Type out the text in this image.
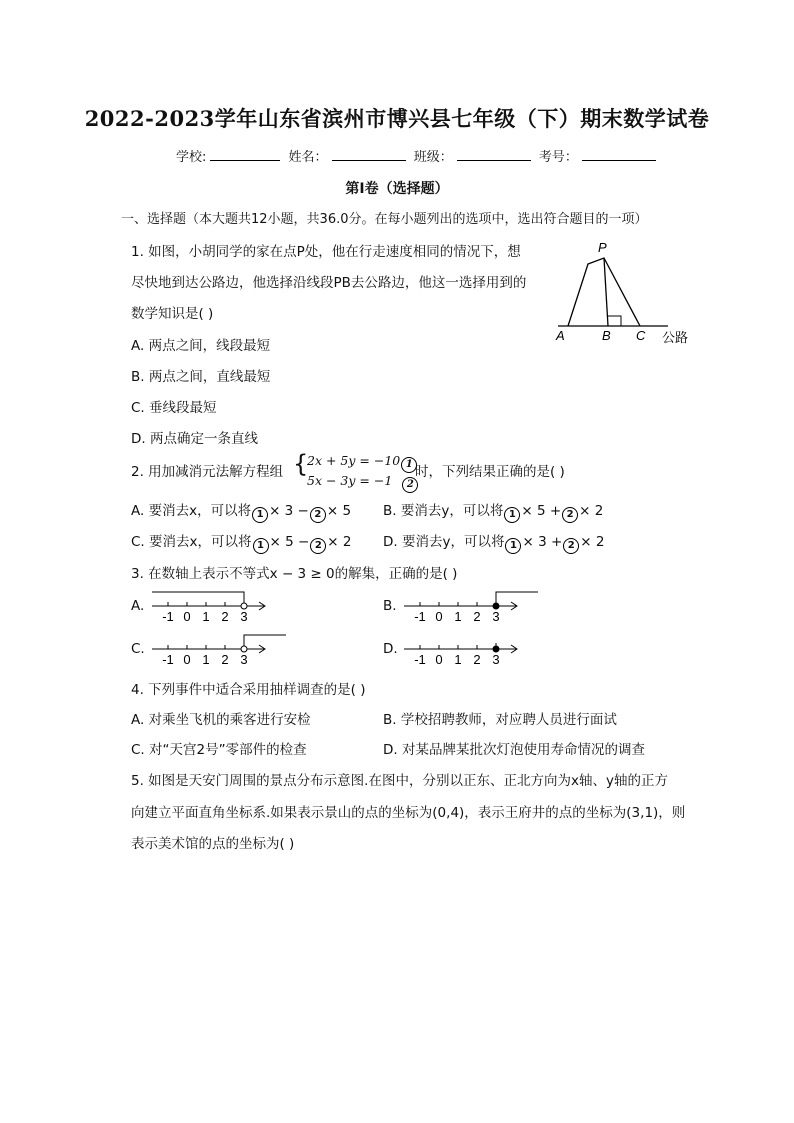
2022-2023学年山东省滨州市博兴县七年级（下）期末数学试卷
学校:	姓名：	班级：	考号：
第I卷（选择题）
一、选择题（本大题共12小题，共36.0分。在每小题列出的选项中，选出符合题目的一项）
1. 如图，小胡同学的家在点P处，他在行走速度相同的情况下，想
尽快地到达公路边，他选择沿线段PB去公路边，他这一选择用到的
数学知识是( )
A. 两点之间，线段最短
B. 两点之间，直线最短
C. 垂线段最短
D. 两点确定一条直线
P
A	B C 公路
2. 用加减消元法解方程组 {
2x + 5y = −10 1
5x − 3y = −1 2
时，下列结果正确的是( )
A. 要消去x，可以将 1 × 3 − 2 × 5 B. 要消去y，可以将 1 × 5 + 2 × 2
C. 要消去x，可以将 1 × 5 − 2 × 2 D. 要消去y，可以将 1 × 3 + 2 × 2
3. 在数轴上表示不等式x − 3 ≥ 0的解集，正确的是( )
A.	B.
C.	D.
-1 0 1 2 3	-1 0 1 2 3
-1 0 1 2 3	-1 0 1 2 3
4. 下列事件中适合采用抽样调查的是( )
A. 对乘坐飞机的乘客进行安检	B. 学校招聘教师，对应聘人员进行面试
C. 对“天宫2号”零部件的检查	D. 对某品牌某批次灯泡使用寿命情况的调查
5. 如图是天安门周围的景点分布示意图.在图中，分别以正东、正北方向为x轴、y轴的正方
向建立平面直角坐标系.如果表示景山的点的坐标为(0,4)，表示王府井的点的坐标为(3,1)，则
表示美术馆的点的坐标为( )
